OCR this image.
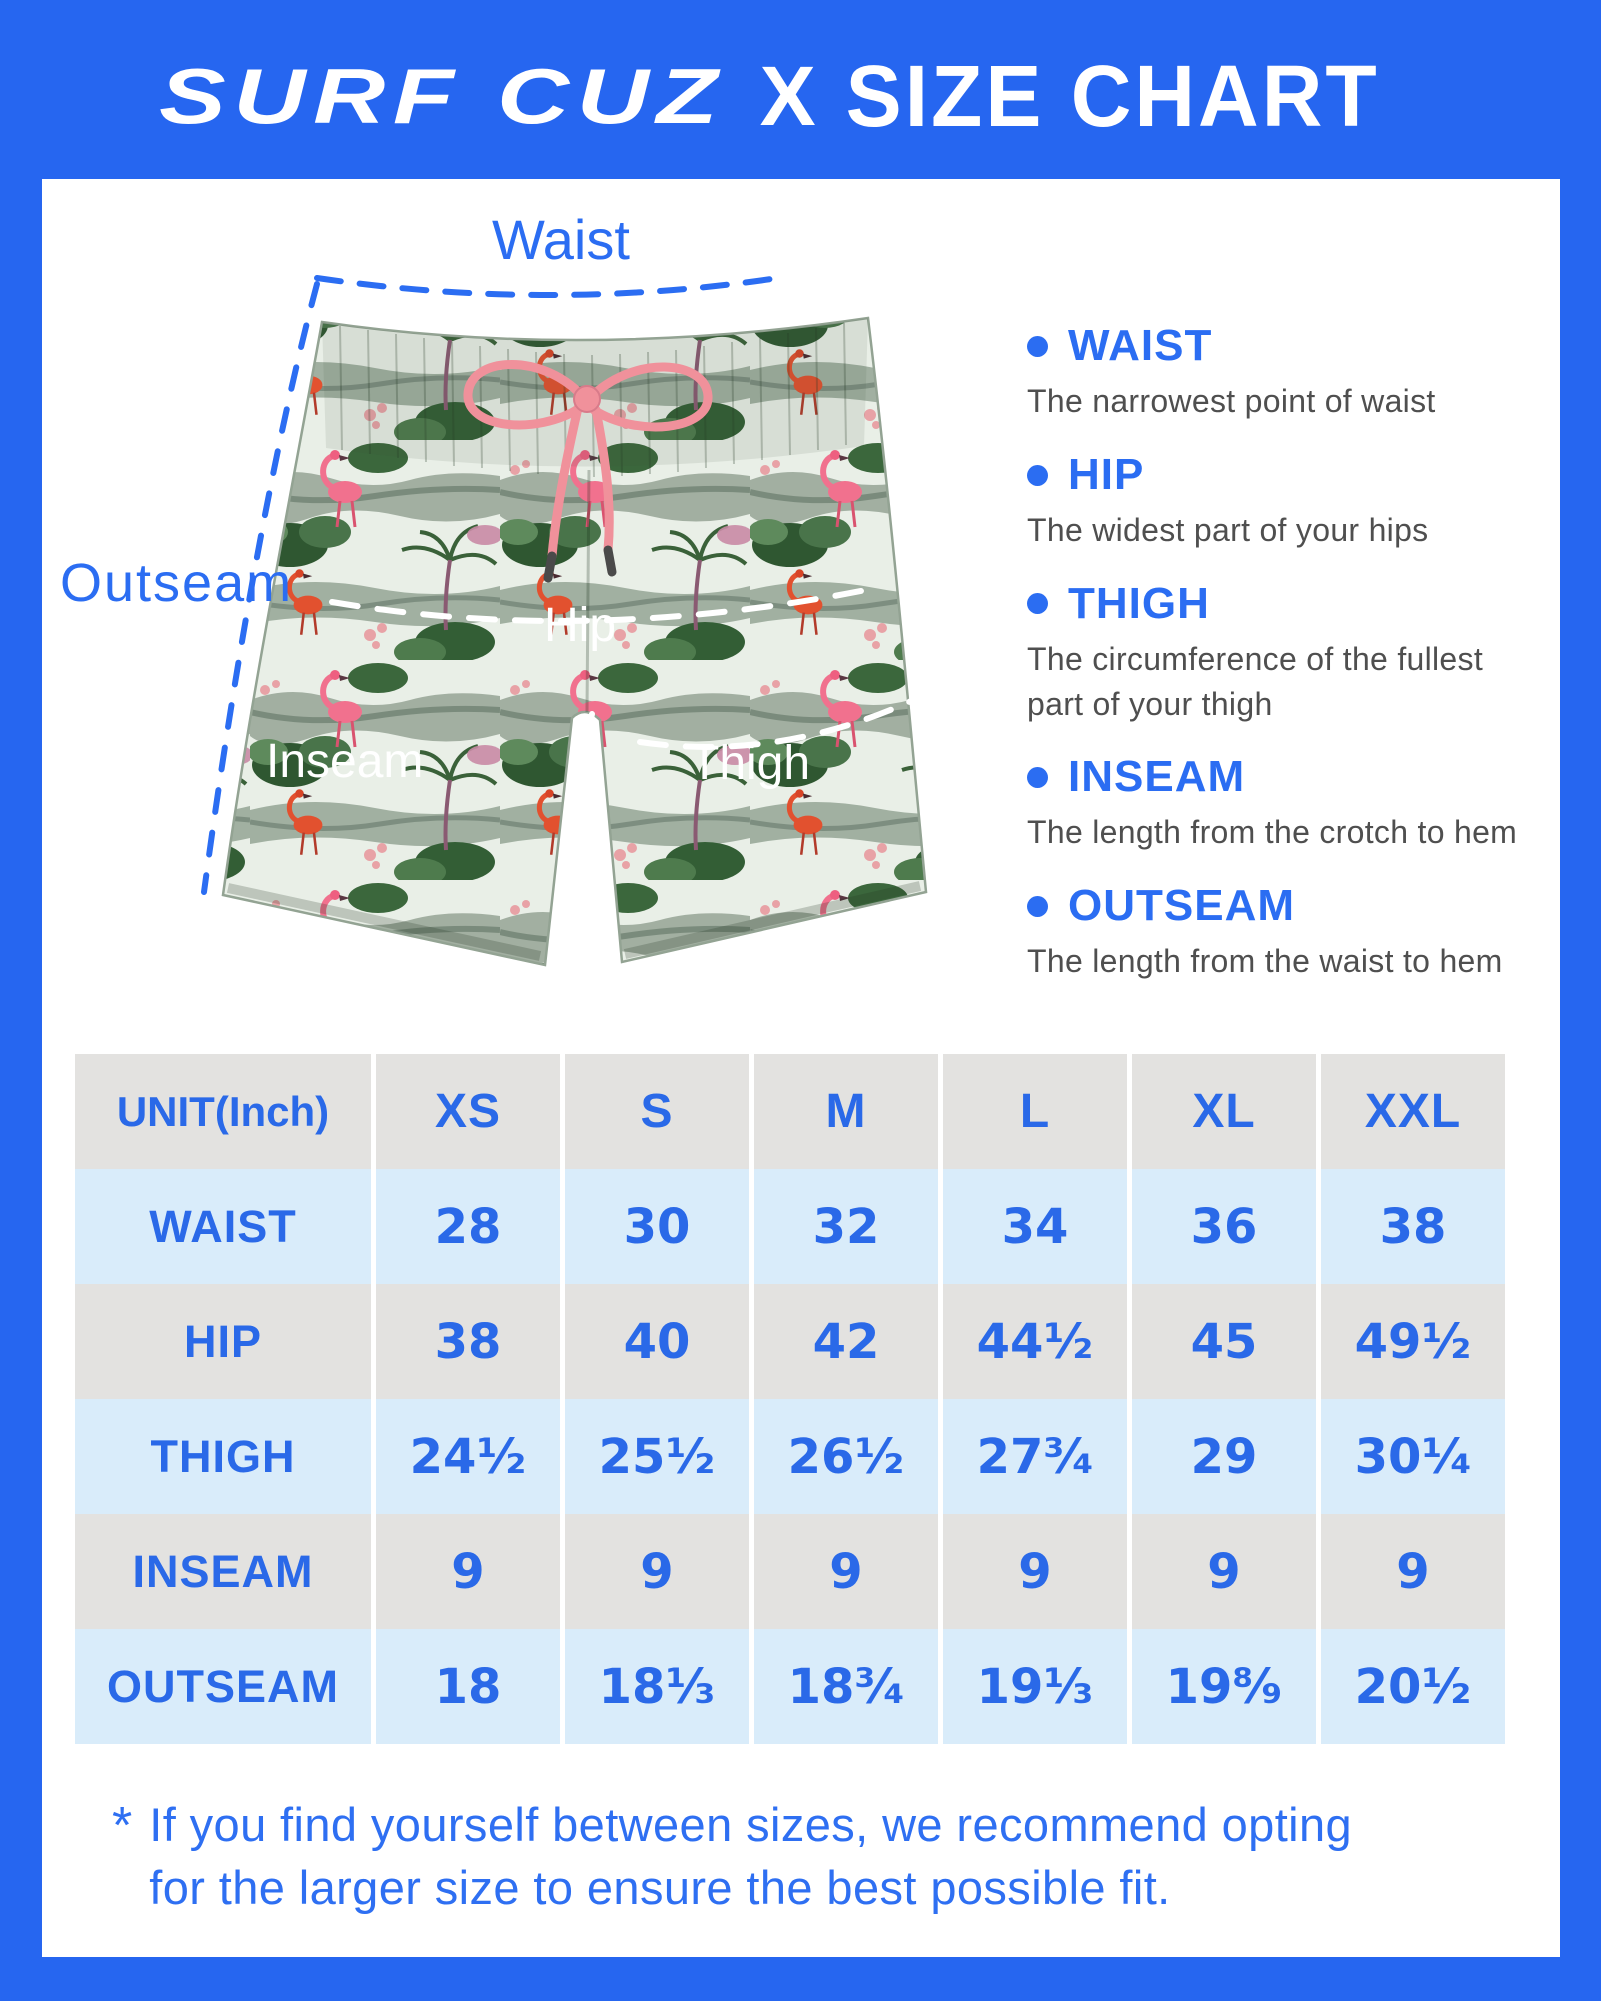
SURF CUZ X SIZE CHART
Waist
Outseam
Hip
Inseam	Thigh
WAIST
The narrowest point of waist
HIP
The widest part of your hips
THIGH
The circumference of the fullest part of your thigh
INSEAM
The length from the crotch to hem
OUTSEAM
The length from the waist to hem
UNIT(Inch)	XS	S	M	L	XL	XXL
WAIST	28	30	32	34	36	38
HIP	38	40	42	44¹⁄₂	45	49¹⁄₂
THIGH	24¹⁄₂	25¹⁄₂	26¹⁄₂	27³⁄₄	29	30¹⁄₄
INSEAM	9	9	9	9	9	9
OUTSEAM	18	18¹⁄₃	18³⁄₄	19¹⁄₃	19⁸⁄₉	20¹⁄₂
* If you find yourself between sizes, we recommend opting
for the larger size to ensure the best possible fit.
